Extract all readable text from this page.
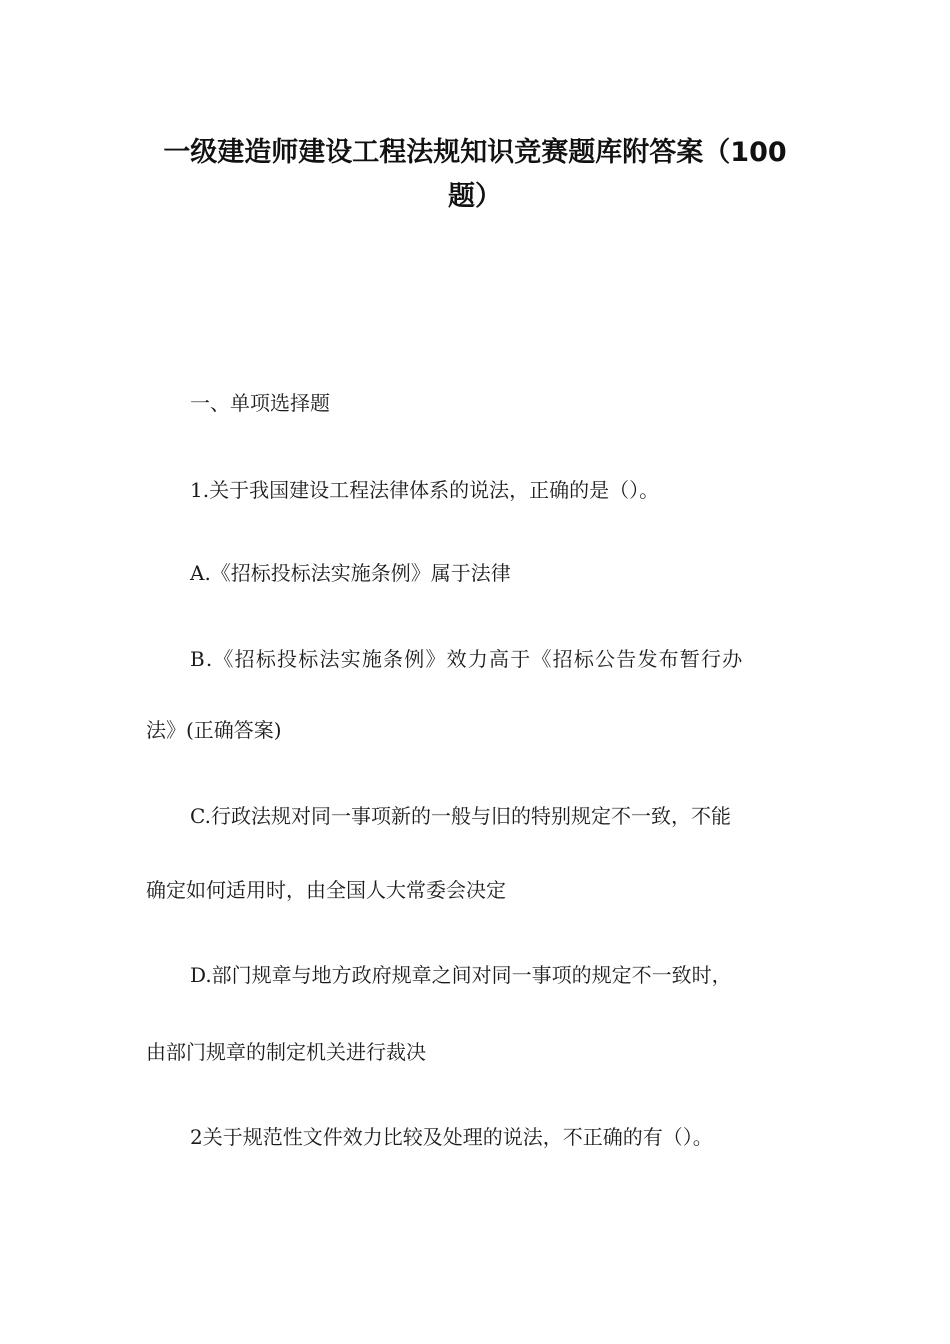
一级建造师建设工程法规知识竞赛题库附答案（100
题）
一、单项选择题
1.关于我国建设工程法律体系的说法，正确的是（）。
A.《招标投标法实施条例》属于法律
B.《招标投标法实施条例》效力高于《招标公告发布暂行办
法》(正确答案)
C.行政法规对同一事项新的一般与旧的特别规定不一致，不能
确定如何适用时，由全国人大常委会决定
D.部门规章与地方政府规章之间对同一事项的规定不一致时，
由部门规章的制定机关进行裁决
2关于规范性文件效力比较及处理的说法，不正确的有（）。
